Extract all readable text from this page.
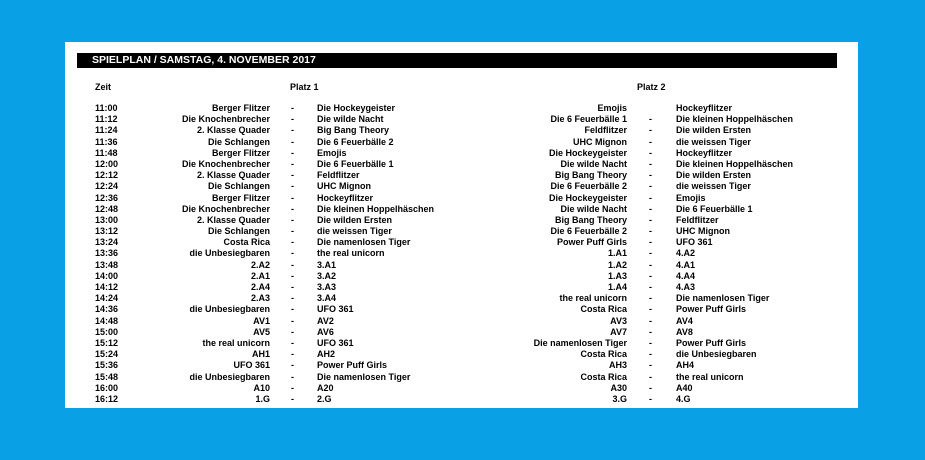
SPIELPLAN / SAMSTAG, 4. NOVEMBER 2017
Zeit	Platz 1	Platz 2
11:00	Berger Flitzer -	Die Hockeygeister	Emojis	Hockeyflitzer
11:12	Die Knochenbrecher -	Die wilde Nacht	Die 6 Feuerbälle 1 -	Die kleinen Hoppelhäschen
11:24	2. Klasse Quader -	Big Bang Theory	Feldflitzer -	Die wilden Ersten
11:36	Die Schlangen -	Die 6 Feuerbälle 2	UHC Mignon -	die weissen Tiger
11:48	Berger Flitzer -	Emojis	Die Hockeygeister -	Hockeyflitzer
12:00	Die Knochenbrecher -	Die 6 Feuerbälle 1	Die wilde Nacht -	Die kleinen Hoppelhäschen
12:12	2. Klasse Quader -	Feldflitzer	Big Bang Theory -	Die wilden Ersten
12:24	Die Schlangen -	UHC Mignon	Die 6 Feuerbälle 2 -	die weissen Tiger
12:36	Berger Flitzer -	Hockeyflitzer	Die Hockeygeister -	Emojis
12:48	Die Knochenbrecher -	Die kleinen Hoppelhäschen	Die wilde Nacht -	Die 6 Feuerbälle 1
13:00	2. Klasse Quader -	Die wilden Ersten	Big Bang Theory -	Feldflitzer
13:12	Die Schlangen -	die weissen Tiger	Die 6 Feuerbälle 2 -	UHC Mignon
13:24	Costa Rica -	Die namenlosen Tiger	Power Puff Girls -	UFO 361
13:36	die Unbesiegbaren -	the real unicorn	1.A1 -	4.A2
13:48	2.A2 -	3.A1	1.A2 -	4.A1
14:00	2.A1 -	3.A2	1.A3 -	4.A4
14:12	2.A4 -	3.A3	1.A4 -	4.A3
14:24	2.A3 -	3.A4	the real unicorn -	Die namenlosen Tiger
14:36	die Unbesiegbaren -	UFO 361	Costa Rica -	Power Puff Girls
14:48	AV1 -	AV2	AV3 -	AV4
15:00	AV5 -	AV6	AV7 -	AV8
15:12	the real unicorn -	UFO 361	Die namenlosen Tiger -	Power Puff Girls
15:24	AH1 -	AH2	Costa Rica -	die Unbesiegbaren
15:36	UFO 361 -	Power Puff Girls	AH3 -	AH4
15:48	die Unbesiegbaren -	Die namenlosen Tiger	Costa Rica -	the real unicorn
16:00	A10 -	A20	A30 -	A40
16:12	1.G -	2.G	3.G -	4.G
